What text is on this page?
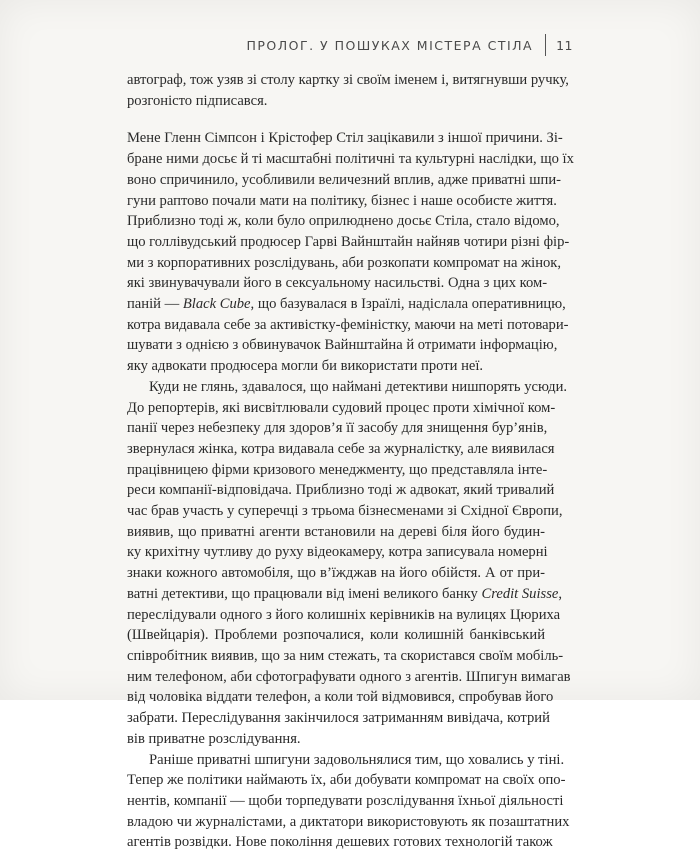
ПРОЛОГ. У ПОШУКАХ МІСТЕРА СТІЛА 11

автограф, тож узяв зі столу картку зі своїм іменем і, витягнувши ручку,
розгоністо підписався.

Мене Гленн Сімпсон і Крістофер Стіл зацікавили з іншої причини. Зі-
бране ними досьє й ті масштабні політичні та культурні наслідки, що їх
воно спричинило, усобливили величезний вплив, адже приватні шпи-
гуни раптово почали мати на політику, бізнес і наше особисте життя.
Приблизно тоді ж, коли було оприлюднено досьє Стіла, стало відомо,
що голлівудський продюсер Гарві Вайнштайн найняв чотири різні фір-
ми з корпоративних розслідувань, аби розкопати компромат на жінок,
які звинувачували його в сексуальному насильстві. Одна з цих ком-
паній — Black Cube, що базувалася в Ізраїлі, надіслала оперативницю,
котра видавала себе за активістку-феміністку, маючи на меті потовари-
шувати з однією з обвинувачок Вайнштайна й отримати інформацію,
яку адвокати продюсера могли би використати проти неї.

Куди не глянь, здавалося, що наймані детективи нишпорять усюди.
До репортерів, які висвітлювали судовий процес проти хімічної ком-
панії через небезпеку для здоров’я її засобу для знищення бур’янів,
звернулася жінка, котра видавала себе за журналістку, але виявилася
працівницею фірми кризового менеджменту, що представляла інте-
реси компанії-відповідача. Приблизно тоді ж адвокат, який тривалий
час брав участь у суперечці з трьома бізнесменами зі Східної Європи,
виявив, що приватні агенти встановили на дереві біля його будин-
ку крихітну чутливу до руху відеокамеру, котра записувала номерні
знаки кожного автомобіля, що в’їжджав на його обійстя. А от при-
ватні детективи, що працювали від імені великого банку Credit Suisse,
переслідували одного з його колишніх керівників на вулицях Цюриха
(Швейцарія). Проблеми розпочалися, коли колишній банківський
співробітник виявив, що за ним стежать, та скористався своїм мобіль-
ним телефоном, аби сфотографувати одного з агентів. Шпигун вимагав
від чоловіка віддати телефон, а коли той відмовився, спробував його
забрати. Переслідування закінчилося затриманням вивідача, котрий
вів приватне розслідування.

Раніше приватні шпигуни задовольнялися тим, що ховались у тіні.
Тепер же політики наймають їх, аби добувати компромат на своїх опо-
нентів, компанії — щоби торпедувати розслідування їхньої діяльності
владою чи журналістами, а диктатори використовують як позаштатних
агентів розвідки. Нове покоління дешевих готових технологій також
